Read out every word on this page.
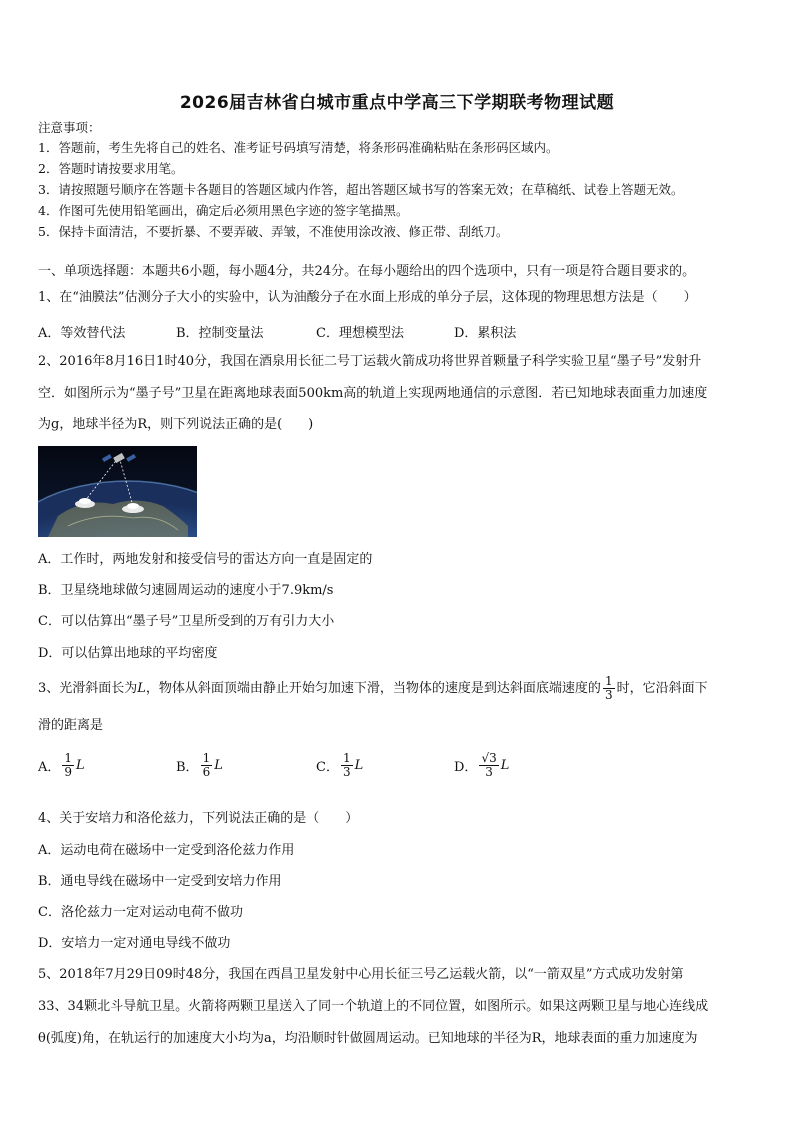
2026届吉林省白城市重点中学高三下学期联考物理试题
注意事项：
1．答题前，考生先将自己的姓名、准考证号码填写清楚，将条形码准确粘贴在条形码区域内。
2．答题时请按要求用笔。
3．请按照题号顺序在答题卡各题目的答题区域内作答，超出答题区域书写的答案无效；在草稿纸、试卷上答题无效。
4．作图可先使用铅笔画出，确定后必须用黑色字迹的签字笔描黑。
5．保持卡面清洁，不要折暴、不要弄破、弄皱，不准使用涂改液、修正带、刮纸刀。
一、单项选择题：本题共6小题，每小题4分，共24分。在每小题给出的四个选项中，只有一项是符合题目要求的。
1、在“油膜法”估测分子大小的实验中，认为油酸分子在水面上形成的单分子层，这体现的物理思想方法是（　　）
A．等效替代法	B．控制变量法	C．理想模型法	D．累积法
2、2016年8月16日1时40分，我国在酒泉用长征二号丁运载火箭成功将世界首颗量子科学实验卫星“墨子号”发射升
空．如图所示为“墨子号”卫星在距离地球表面500km高的轨道上实现两地通信的示意图．若已知地球表面重力加速度
为g，地球半径为R，则下列说法正确的是(　　)
A．工作时，两地发射和接受信号的雷达方向一直是固定的
B．卫星绕地球做匀速圆周运动的速度小于7.9km/s
C．可以估算出“墨子号”卫星所受到的万有引力大小
D．可以估算出地球的平均密度
3、光滑斜面长为L，物体从斜面顶端由静止开始匀加速下滑，当物体的速度是到达斜面底端速度的 $\frac{1}{3}$ 时，它沿斜面下
滑的距离是
A． $\frac{1}{9}$ L	B． $\frac{1}{6}$ L	C． $\frac{1}{3}$ L	D． $\frac{√3}{3}$ L
4、关于安培力和洛伦兹力，下列说法正确的是（　　）
A．运动电荷在磁场中一定受到洛伦兹力作用
B．通电导线在磁场中一定受到安培力作用
C．洛伦兹力一定对运动电荷不做功
D．安培力一定对通电导线不做功
5、2018年7月29日09时48分，我国在西昌卫星发射中心用长征三号乙运载火箭，以“一箭双星”方式成功发射第
33、34颗北斗导航卫星。火箭将两颗卫星送入了同一个轨道上的不同位置，如图所示。如果这两颗卫星与地心连线成
θ(弧度)角，在轨运行的加速度大小均为a，均沿顺时针做圆周运动。已知地球的半径为R，地球表面的重力加速度为
